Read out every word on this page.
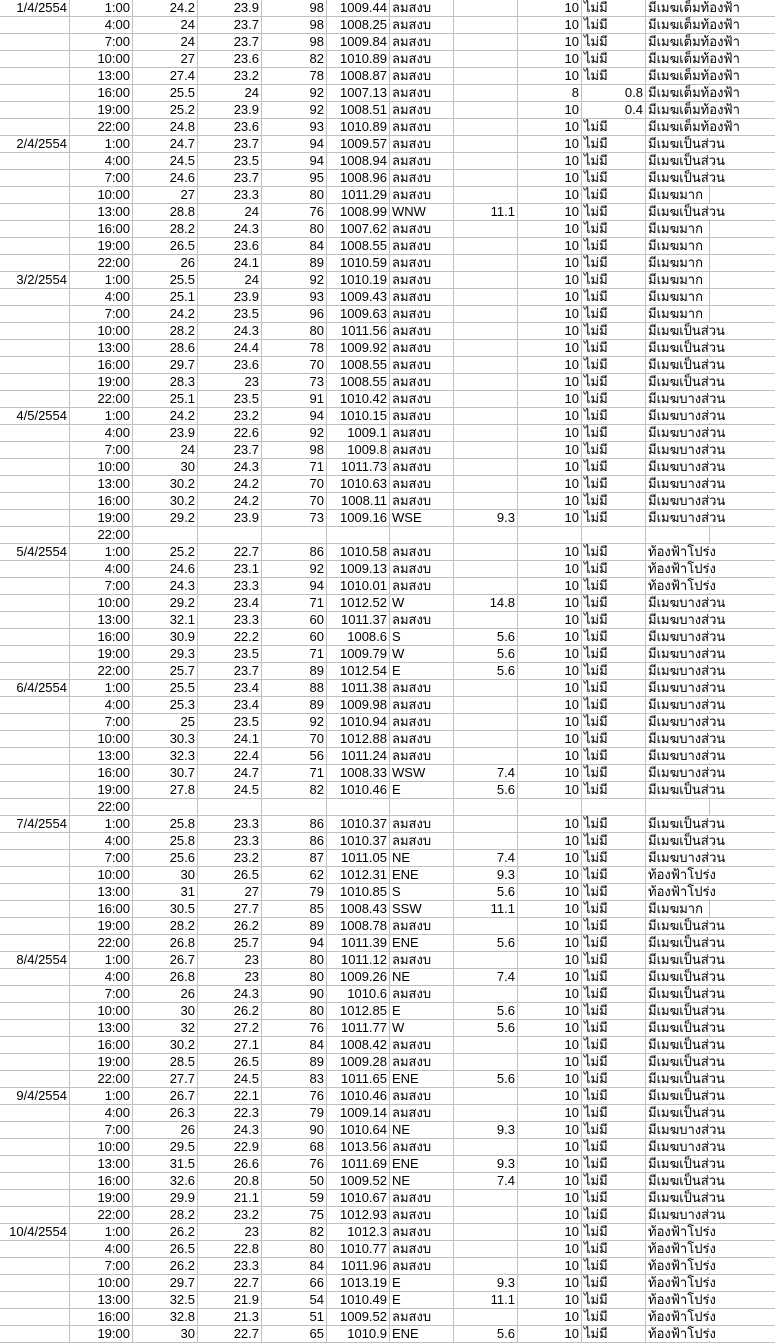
1/4/2554	1:00	24.2	23.9	98	1009.44 ลมสงบ	10 ไม่มี	มีเมฆเต็มท้องฟ้า
4:00	24	23.7	98	1008.25 ลมสงบ	10 ไม่มี	มีเมฆเต็มท้องฟ้า
7:00	24	23.7	98	1009.84 ลมสงบ	10 ไม่มี	มีเมฆเต็มท้องฟ้า
10:00	27	23.6	82	1010.89 ลมสงบ	10 ไม่มี	มีเมฆเต็มท้องฟ้า
13:00	27.4	23.2	78	1008.87 ลมสงบ	10 ไม่มี	มีเมฆเต็มท้องฟ้า
16:00	25.5	24	92	1007.13 ลมสงบ	8	0.8 มีเมฆเต็มท้องฟ้า
19:00	25.2	23.9	92	1008.51 ลมสงบ	10	0.4 มีเมฆเต็มท้องฟ้า
22:00	24.8	23.6	93	1010.89 ลมสงบ	10 ไม่มี	มีเมฆเต็มท้องฟ้า
2/4/2554	1:00	24.7	23.7	94	1009.57 ลมสงบ	10 ไม่มี	มีเมฆเป็นส่วน
4:00	24.5	23.5	94	1008.94 ลมสงบ	10 ไม่มี	มีเมฆเป็นส่วน
7:00	24.6	23.7	95	1008.96 ลมสงบ	10 ไม่มี	มีเมฆเป็นส่วน
10:00	27	23.3	80	1011.29 ลมสงบ	10 ไม่มี	มีเมฆมาก
13:00	28.8	24	76	1008.99 WNW	11.1	10 ไม่มี	มีเมฆเป็นส่วน
16:00	28.2	24.3	80	1007.62 ลมสงบ	10 ไม่มี	มีเมฆมาก
19:00	26.5	23.6	84	1008.55 ลมสงบ	10 ไม่มี	มีเมฆมาก
22:00	26	24.1	89	1010.59 ลมสงบ	10 ไม่มี	มีเมฆมาก
3/2/2554	1:00	25.5	24	92	1010.19 ลมสงบ	10 ไม่มี	มีเมฆมาก
4:00	25.1	23.9	93	1009.43 ลมสงบ	10 ไม่มี	มีเมฆมาก
7:00	24.2	23.5	96	1009.63 ลมสงบ	10 ไม่มี	มีเมฆมาก
10:00	28.2	24.3	80	1011.56 ลมสงบ	10 ไม่มี	มีเมฆเป็นส่วน
13:00	28.6	24.4	78	1009.92 ลมสงบ	10 ไม่มี	มีเมฆเป็นส่วน
16:00	29.7	23.6	70	1008.55 ลมสงบ	10 ไม่มี	มีเมฆเป็นส่วน
19:00	28.3	23	73	1008.55 ลมสงบ	10 ไม่มี	มีเมฆเป็นส่วน
22:00	25.1	23.5	91	1010.42 ลมสงบ	10 ไม่มี	มีเมฆบางส่วน
4/5/2554	1:00	24.2	23.2	94	1010.15 ลมสงบ	10 ไม่มี	มีเมฆบางส่วน
4:00	23.9	22.6	92	1009.1 ลมสงบ	10 ไม่มี	มีเมฆบางส่วน
7:00	24	23.7	98	1009.8 ลมสงบ	10 ไม่มี	มีเมฆบางส่วน
10:00	30	24.3	71	1011.73 ลมสงบ	10 ไม่มี	มีเมฆบางส่วน
13:00	30.2	24.2	70	1010.63 ลมสงบ	10 ไม่มี	มีเมฆบางส่วน
16:00	30.2	24.2	70	1008.11 ลมสงบ	10 ไม่มี	มีเมฆบางส่วน
19:00	29.2	23.9	73	1009.16 WSE	9.3	10 ไม่มี	มีเมฆบางส่วน
22:00
5/4/2554	1:00	25.2	22.7	86	1010.58 ลมสงบ	10 ไม่มี	ท้องฟ้าโปร่ง
4:00	24.6	23.1	92	1009.13 ลมสงบ	10 ไม่มี	ท้องฟ้าโปร่ง
7:00	24.3	23.3	94	1010.01 ลมสงบ	10 ไม่มี	ท้องฟ้าโปร่ง
10:00	29.2	23.4	71	1012.52 W	14.8	10 ไม่มี	มีเมฆบางส่วน
13:00	32.1	23.3	60	1011.37 ลมสงบ	10 ไม่มี	มีเมฆบางส่วน
16:00	30.9	22.2	60	1008.6 S	5.6	10 ไม่มี	มีเมฆบางส่วน
19:00	29.3	23.5	71	1009.79 W	5.6	10 ไม่มี	มีเมฆบางส่วน
22:00	25.7	23.7	89	1012.54 E	5.6	10 ไม่มี	มีเมฆบางส่วน
6/4/2554	1:00	25.5	23.4	88	1011.38 ลมสงบ	10 ไม่มี	มีเมฆบางส่วน
4:00	25.3	23.4	89	1009.98 ลมสงบ	10 ไม่มี	มีเมฆบางส่วน
7:00	25	23.5	92	1010.94 ลมสงบ	10 ไม่มี	มีเมฆบางส่วน
10:00	30.3	24.1	70	1012.88 ลมสงบ	10 ไม่มี	มีเมฆบางส่วน
13:00	32.3	22.4	56	1011.24 ลมสงบ	10 ไม่มี	มีเมฆบางส่วน
16:00	30.7	24.7	71	1008.33 WSW	7.4	10 ไม่มี	มีเมฆบางส่วน
19:00	27.8	24.5	82	1010.46 E	5.6	10 ไม่มี	มีเมฆเป็นส่วน
22:00
7/4/2554	1:00	25.8	23.3	86	1010.37 ลมสงบ	10 ไม่มี	มีเมฆเป็นส่วน
4:00	25.8	23.3	86	1010.37 ลมสงบ	10 ไม่มี	มีเมฆเป็นส่วน
7:00	25.6	23.2	87	1011.05 NE	7.4	10 ไม่มี	มีเมฆบางส่วน
10:00	30	26.5	62	1012.31 ENE	9.3	10 ไม่มี	ท้องฟ้าโปร่ง
13:00	31	27	79	1010.85 S	5.6	10 ไม่มี	ท้องฟ้าโปร่ง
16:00	30.5	27.7	85	1008.43 SSW	11.1	10 ไม่มี	มีเมฆมาก
19:00	28.2	26.2	89	1008.78 ลมสงบ	10 ไม่มี	มีเมฆเป็นส่วน
22:00	26.8	25.7	94	1011.39 ENE	5.6	10 ไม่มี	มีเมฆเป็นส่วน
8/4/2554	1:00	26.7	23	80	1011.12 ลมสงบ	10 ไม่มี	มีเมฆเป็นส่วน
4:00	26.8	23	80	1009.26 NE	7.4	10 ไม่มี	มีเมฆเป็นส่วน
7:00	26	24.3	90	1010.6 ลมสงบ	10 ไม่มี	มีเมฆเป็นส่วน
10:00	30	26.2	80	1012.85 E	5.6	10 ไม่มี	มีเมฆเป็นส่วน
13:00	32	27.2	76	1011.77 W	5.6	10 ไม่มี	มีเมฆเป็นส่วน
16:00	30.2	27.1	84	1008.42 ลมสงบ	10 ไม่มี	มีเมฆเป็นส่วน
19:00	28.5	26.5	89	1009.28 ลมสงบ	10 ไม่มี	มีเมฆเป็นส่วน
22:00	27.7	24.5	83	1011.65 ENE	5.6	10 ไม่มี	มีเมฆเป็นส่วน
9/4/2554	1:00	26.7	22.1	76	1010.46 ลมสงบ	10 ไม่มี	มีเมฆเป็นส่วน
4:00	26.3	22.3	79	1009.14 ลมสงบ	10 ไม่มี	มีเมฆเป็นส่วน
7:00	26	24.3	90	1010.64 NE	9.3	10 ไม่มี	มีเมฆบางส่วน
10:00	29.5	22.9	68	1013.56 ลมสงบ	10 ไม่มี	มีเมฆบางส่วน
13:00	31.5	26.6	76	1011.69 ENE	9.3	10 ไม่มี	มีเมฆเป็นส่วน
16:00	32.6	20.8	50	1009.52 NE	7.4	10 ไม่มี	มีเมฆเป็นส่วน
19:00	29.9	21.1	59	1010.67 ลมสงบ	10 ไม่มี	มีเมฆเป็นส่วน
22:00	28.2	23.2	75	1012.93 ลมสงบ	10 ไม่มี	มีเมฆบางส่วน
10/4/2554	1:00	26.2	23	82	1012.3 ลมสงบ	10 ไม่มี	ท้องฟ้าโปร่ง
4:00	26.5	22.8	80	1010.77 ลมสงบ	10 ไม่มี	ท้องฟ้าโปร่ง
7:00	26.2	23.3	84	1011.96 ลมสงบ	10 ไม่มี	ท้องฟ้าโปร่ง
10:00	29.7	22.7	66	1013.19 E	9.3	10 ไม่มี	ท้องฟ้าโปร่ง
13:00	32.5	21.9	54	1010.49 E	11.1	10 ไม่มี	ท้องฟ้าโปร่ง
16:00	32.8	21.3	51	1009.52 ลมสงบ	10 ไม่มี	ท้องฟ้าโปร่ง
19:00	30	22.7	65	1010.9 ENE	5.6	10 ไม่มี	ท้องฟ้าโปร่ง
